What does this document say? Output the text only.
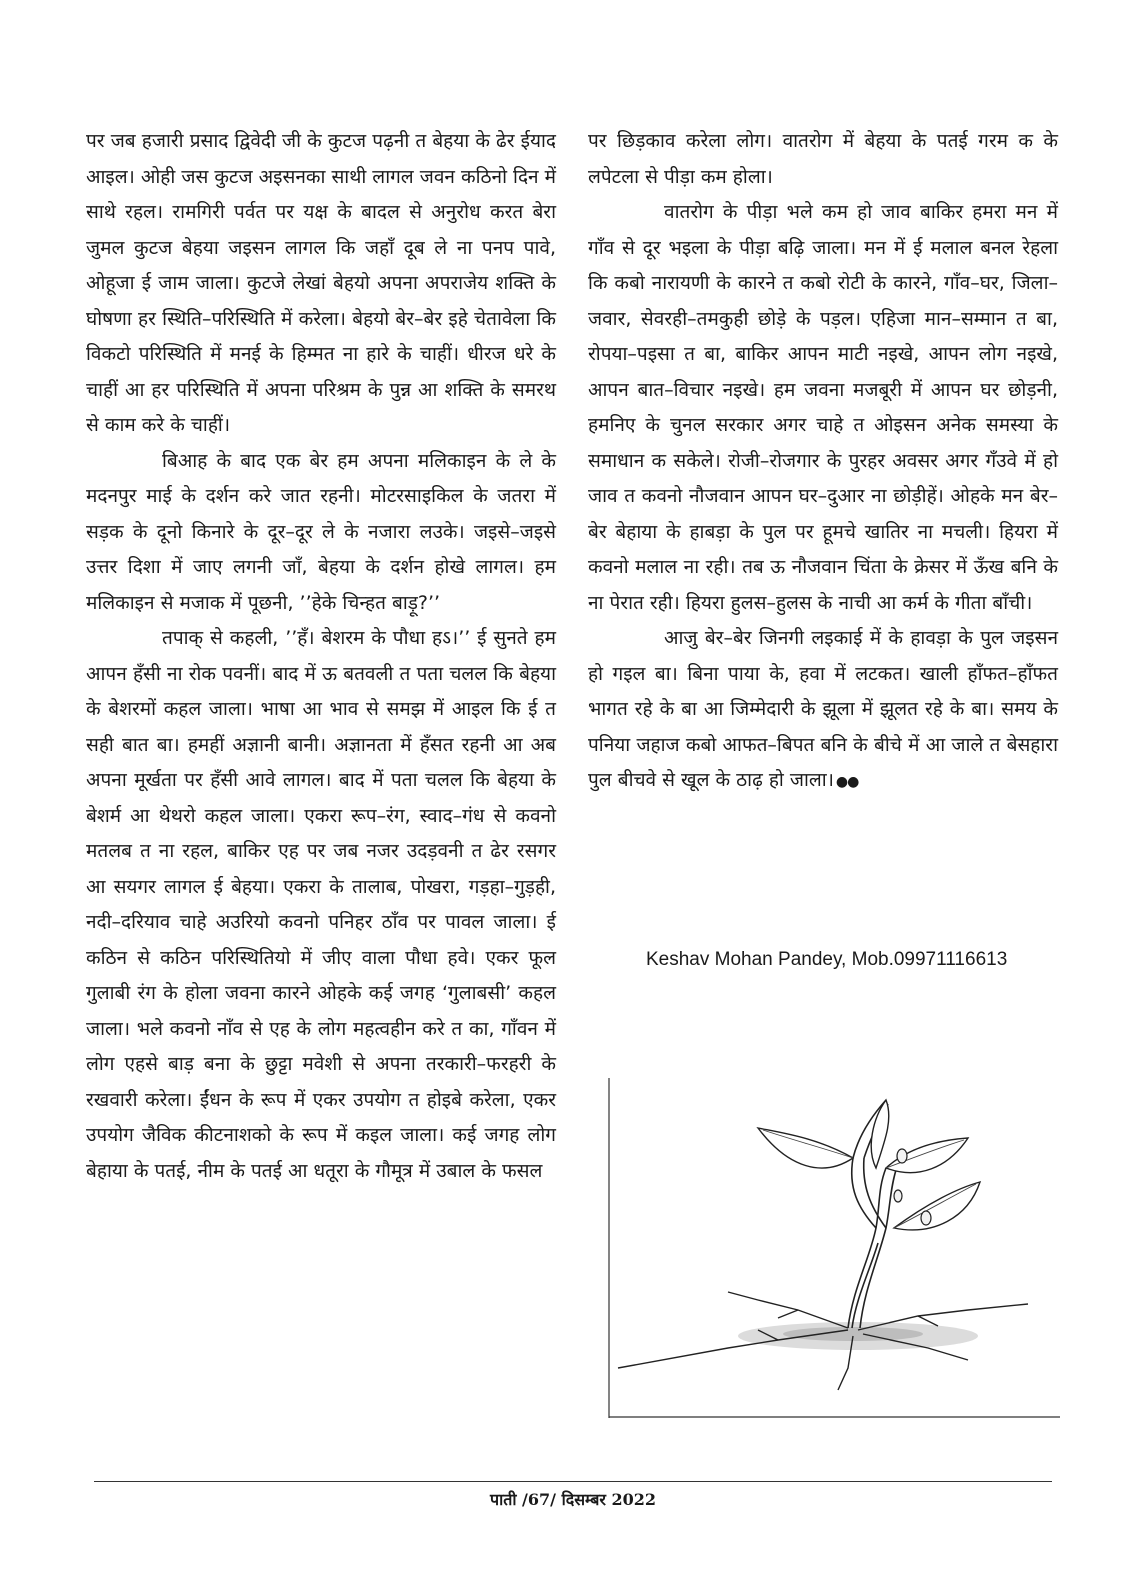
पर जब हजारी प्रसाद द्विवेदी जी के कुटज पढ़नी त बेहया के ढेर ईयाद आइल। ओही जस कुटज अइसनका साथी लागल जवन कठिनो दिन में साथे रहल। रामगिरी पर्वत पर यक्ष के बादल से अनुरोध करत बेरा जुमल कुटज बेहया जइसन लागल कि जहाँ दूब ले ना पनप पावे, ओहूजा ई जाम जाला। कुटजे लेखां बेहयो अपना अपराजेय शक्ति के घोषणा हर स्थिति–परिस्थिति में करेला। बेहयो बेर–बेर इहे चेतावेला कि विकटो परिस्थिति में मनई के हिम्मत ना हारे के चाहीं। धीरज धरे के चाहीं आ हर परिस्थिति में अपना परिश्रम के पुन्न आ शक्ति के समरथ से काम करे के चाहीं।

बिआह के बाद एक बेर हम अपना मलिकाइन के ले के मदनपुर माई के दर्शन करे जात रहनी। मोटरसाइकिल के जतरा में सड़क के दूनो किनारे के दूर–दूर ले के नजारा लउके। जइसे–जइसे उत्तर दिशा में जाए लगनी जाँ, बेहया के दर्शन होखे लागल। हम मलिकाइन से मजाक में पूछनी, ’’हेके चिन्हत बाड़ू?’’

तपाक् से कहली, ’’हँ। बेशरम के पौधा हऽ।’’ ई सुनते हम आपन हँसी ना रोक पवनीं। बाद में ऊ बतवली त पता चलल कि बेहया के बेशरमों कहल जाला। भाषा आ भाव से समझ में आइल कि ई त सही बात बा। हमहीं अज्ञानी बानी। अज्ञानता में हँसत रहनी आ अब अपना मूर्खता पर हँसी आवे लागल। बाद में पता चलल कि बेहया के बेशर्म आ थेथरो कहल जाला। एकरा रूप–रंग, स्वाद–गंध से कवनो मतलब त ना रहल, बाकिर एह पर जब नजर उदड़वनी त ढेर रसगर आ सयगर लागल ई बेहया। एकरा के तालाब, पोखरा, गड़हा–गुड़ही, नदी–दरियाव चाहे अउरियो कवनो पनिहर ठाँव पर पावल जाला। ई कठिन से कठिन परिस्थितियो में जीए वाला पौधा हवे। एकर फूल गुलाबी रंग के होला जवना कारने ओहके कई जगह ‘गुलाबसी’ कहल जाला। भले कवनो नाँव से एह के लोग महत्वहीन करे त का, गाँवन में लोग एहसे बाड़ बना के छुट्टा मवेशी से अपना तरकारी–फरहरी के रखवारी करेला। ईंधन के रूप में एकर उपयोग त होइबे करेला, एकर उपयोग जैविक कीटनाशको के रूप में कइल जाला। कई जगह लोग बेहाया के पतई, नीम के पतई आ धतूरा के गौमूत्र में उबाल के फसल

पर छिड़काव करेला लोग। वातरोग में बेहया के पतई गरम क के लपेटला से पीड़ा कम होला।

वातरोग के पीड़ा भले कम हो जाव बाकिर हमरा मन में गाँव से दूर भइला के पीड़ा बढ़ि जाला। मन में ई मलाल बनल रेहला कि कबो नारायणी के कारने त कबो रोटी के कारने, गाँव–घर, जिला–जवार, सेवरही–तमकुही छोड़े के पड़ल। एहिजा मान–सम्मान त बा, रोपया–पइसा त बा, बाकिर आपन माटी नइखे, आपन लोग नइखे, आपन बात–विचार नइखे। हम जवना मजबूरी में आपन घर छोड़नी, हमनिए के चुनल सरकार अगर चाहे त ओइसन अनेक समस्या के समाधान क सकेले। रोजी–रोजगार के पुरहर अवसर अगर गँउवे में हो जाव त कवनो नौजवान आपन घर–दुआर ना छोड़ीहें। ओहके मन बेर–बेर बेहाया के हाबड़ा के पुल पर हूमचे खातिर ना मचली। हियरा में कवनो मलाल ना रही। तब ऊ नौजवान चिंता के क्रेसर में ऊँख बनि के ना पेरात रही। हियरा हुलस–हुलस के नाची आ कर्म के गीता बाँची।

आजु बेर–बेर जिनगी लइकाई में के हावड़ा के पुल जइसन हो गइल बा। बिना पाया के, हवा में लटकत। खाली हाँफत–हाँफत भागत रहे के बा आ जिम्मेदारी के झूला में झूलत रहे के बा। समय के पनिया जहाज कबो आफत–बिपत बनि के बीचे में आ जाले त बेसहारा पुल बीचवे से खूल के ठाढ़ हो जाला। ●●

Keshav Mohan Pandey, Mob.09971116613
पाती /67/ दिसम्बर 2022
